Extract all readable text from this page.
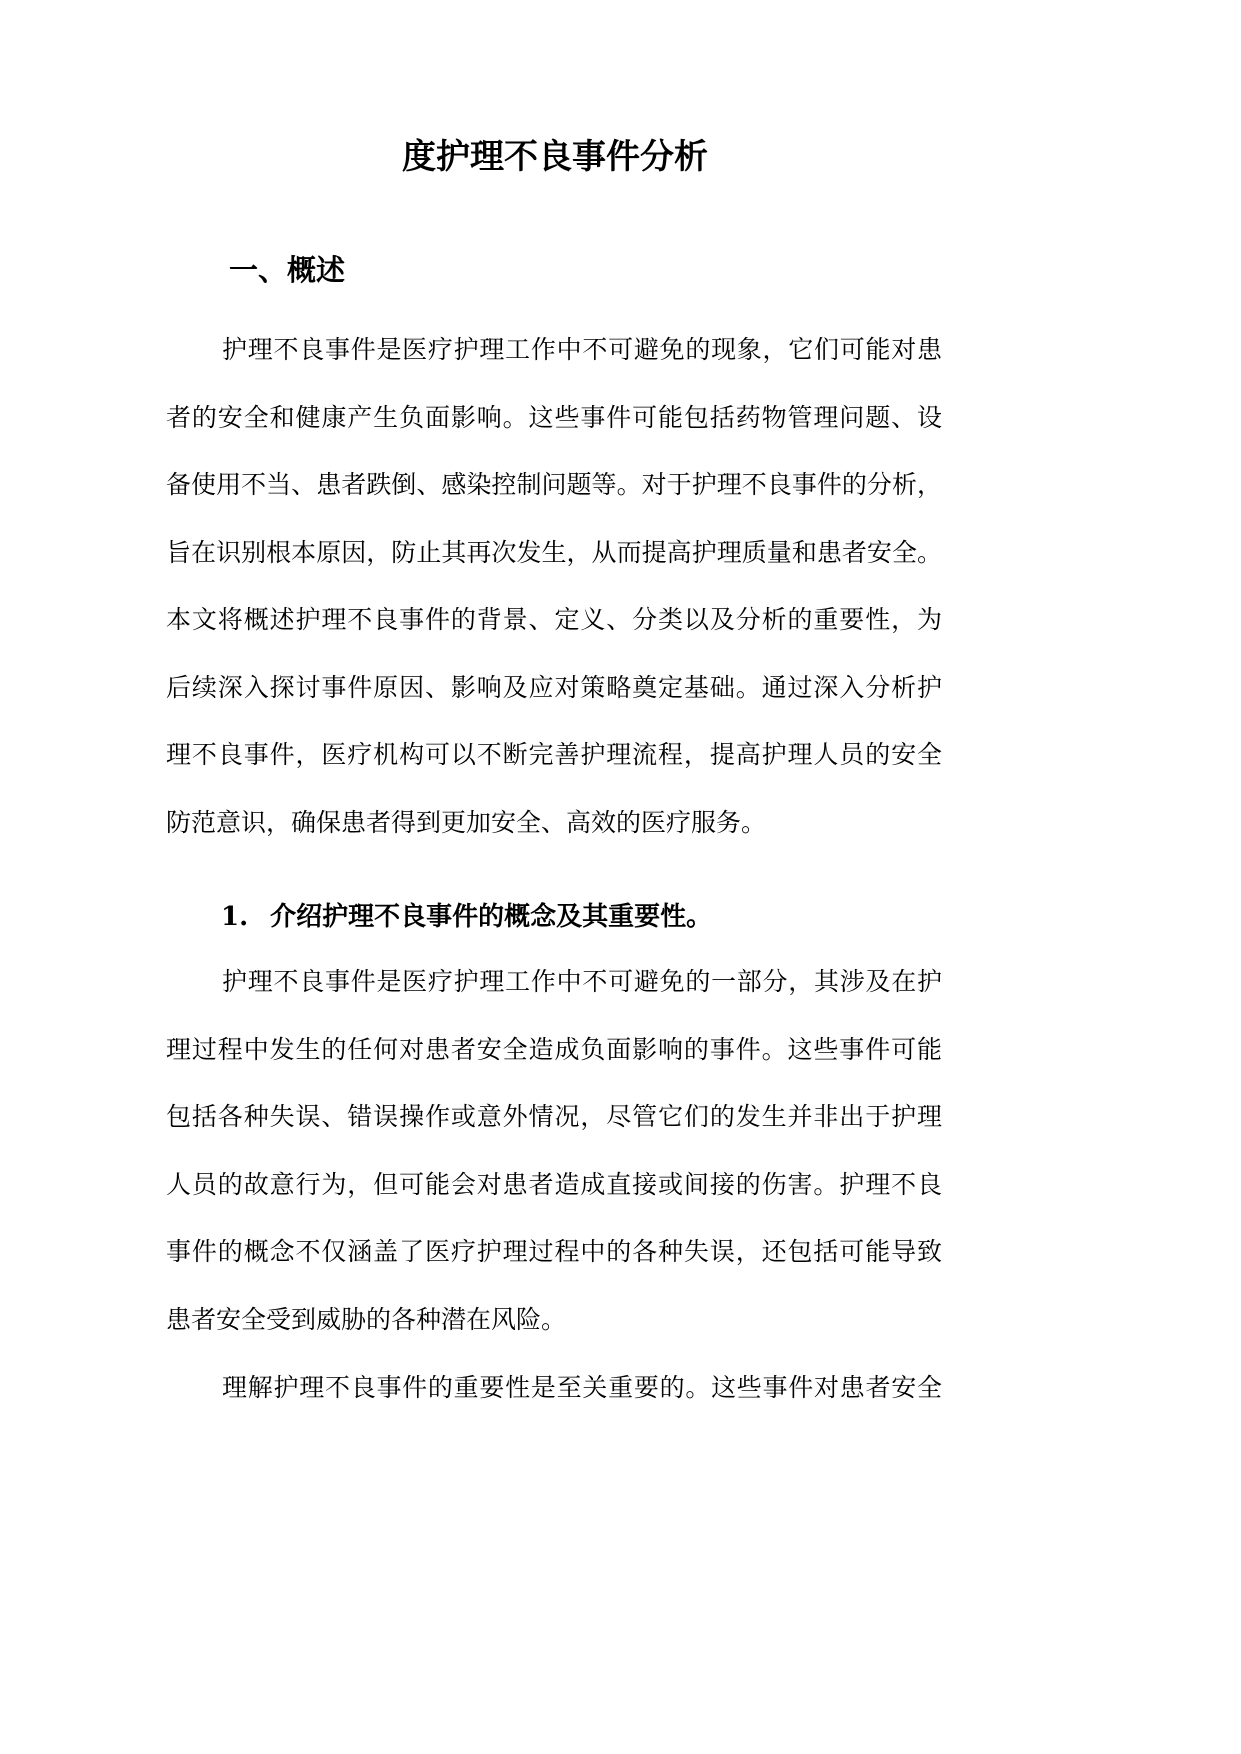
度护理不良事件分析
一、概述
护理不良事件是医疗护理工作中不可避免的现象，它们可能对患
者的安全和健康产生负面影响。这些事件可能包括药物管理问题、设
备使用不当、患者跌倒、感染控制问题等。对于护理不良事件的分析，
旨在识别根本原因，防止其再次发生，从而提高护理质量和患者安全。
本文将概述护理不良事件的背景、定义、分类以及分析的重要性，为
后续深入探讨事件原因、影响及应对策略奠定基础。通过深入分析护
理不良事件，医疗机构可以不断完善护理流程，提高护理人员的安全
防范意识，确保患者得到更加安全、高效的医疗服务。
1. 介绍护理不良事件的概念及其重要性。
护理不良事件是医疗护理工作中不可避免的一部分，其涉及在护
理过程中发生的任何对患者安全造成负面影响的事件。这些事件可能
包括各种失误、错误操作或意外情况，尽管它们的发生并非出于护理
人员的故意行为，但可能会对患者造成直接或间接的伤害。护理不良
事件的概念不仅涵盖了医疗护理过程中的各种失误，还包括可能导致
患者安全受到威胁的各种潜在风险。
理解护理不良事件的重要性是至关重要的。这些事件对患者安全
